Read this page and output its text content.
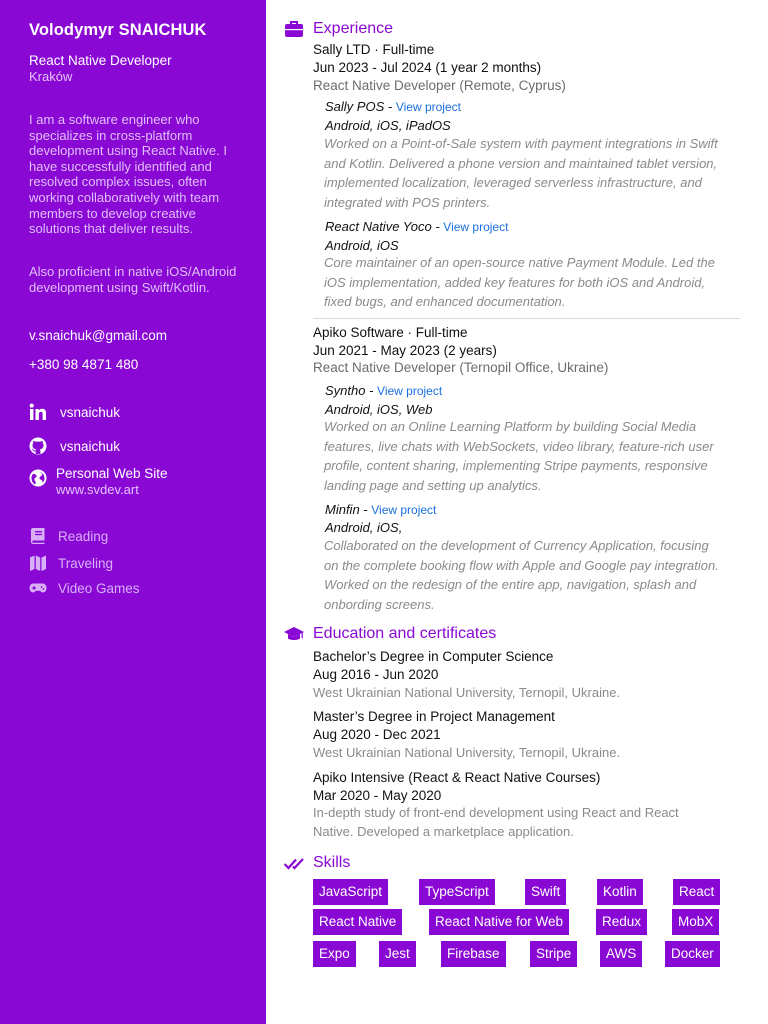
Volodymyr SNAICHUK
React Native Developer
Kraków
I am a software engineer who specializes in cross-platform development using React Native. I have successfully identified and resolved complex issues, often working collaboratively with team members to develop creative solutions that deliver results.
Also proficient in native iOS/Android development using Swift/Kotlin.
v.snaichuk@gmail.com
+380 98 4871 480
vsnaichuk
vsnaichuk
Personal Web Site
www.svdev.art
Reading
Traveling
Video Games
Experience
Sally LTD · Full-time
Jun 2023 - Jul 2024 (1 year 2 months)
React Native Developer (Remote, Cyprus)
Sally POS - View project
Android, iOS, iPadOS
Worked on a Point-of-Sale system with payment integrations in Swift
and Kotlin. Delivered a phone version and maintained tablet version,
implemented localization, leveraged serverless infrastructure, and
integrated with POS printers.
React Native Yoco - View project
Android, iOS
Core maintainer of an open-source native Payment Module. Led the
iOS implementation, added key features for both iOS and Android,
fixed bugs, and enhanced documentation.
Apiko Software · Full-time
Jun 2021 - May 2023 (2 years)
React Native Developer (Ternopil Office, Ukraine)
Syntho - View project
Android, iOS, Web
Worked on an Online Learning Platform by building Social Media
features, live chats with WebSockets, video library, feature-rich user
profile, content sharing, implementing Stripe payments, responsive
landing page and setting up analytics.
Minfin - View project
Android, iOS,
Collaborated on the development of Currency Application, focusing
on the complete booking flow with Apple and Google pay integration.
Worked on the redesign of the entire app, navigation, splash and
onbording screens.
Education and certificates
Bachelor’s Degree in Computer Science
Aug 2016 - Jun 2020
West Ukrainian National University, Ternopil, Ukraine.
Master’s Degree in Project Management
Aug 2020 - Dec 2021
West Ukrainian National University, Ternopil, Ukraine.
Apiko Intensive (React & React Native Courses)
Mar 2020 - May 2020
In-depth study of front-end development using React and React
Native. Developed a marketplace application.
Skills
JavaScript	TypeScript	Swift	Kotlin	React
React Native	React Native for Web	Redux	MobX
Expo	Jest	Firebase	Stripe	AWS	Docker
